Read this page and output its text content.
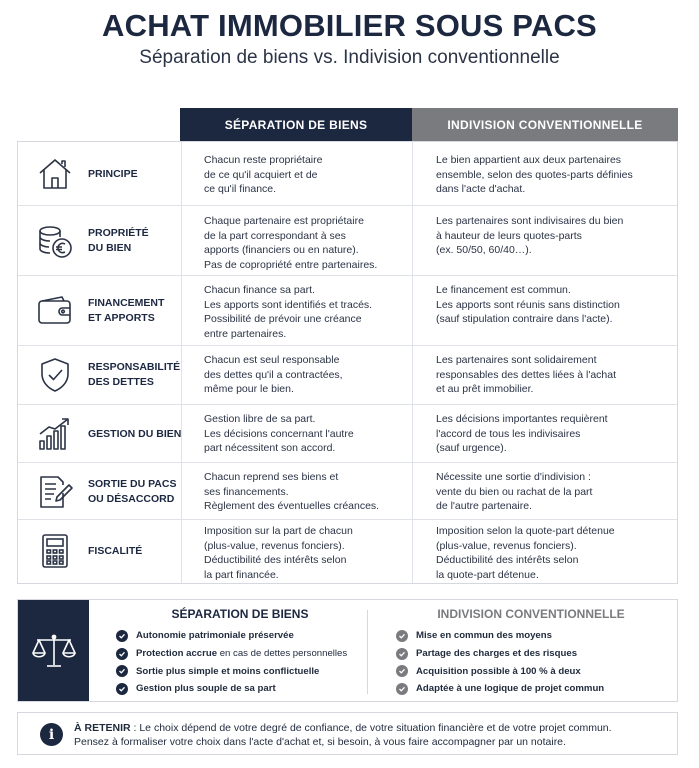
ACHAT IMMOBILIER SOUS PACS
Séparation de biens vs. Indivision conventionnelle
SÉPARATION DE BIENS	INDIVISION CONVENTIONNELLE
PRINCIPE
Chacun reste propriétaire
de ce qu'il acquiert et de
ce qu'il finance.
Le bien appartient aux deux partenaires
ensemble, selon des quotes-parts définies
dans l'acte d'achat.
PROPRIÉTÉ
DU BIEN
Chaque partenaire est propriétaire
de la part correspondant à ses
apports (financiers ou en nature).
Pas de copropriété entre partenaires.
Les partenaires sont indivisaires du bien
à hauteur de leurs quotes-parts
(ex. 50/50, 60/40…).
FINANCEMENT
ET APPORTS
Chacun finance sa part.
Les apports sont identifiés et tracés.
Possibilité de prévoir une créance
entre partenaires.
Le financement est commun.
Les apports sont réunis sans distinction
(sauf stipulation contraire dans l'acte).
RESPONSABILITÉ
DES DETTES
Chacun est seul responsable
des dettes qu'il a contractées,
même pour le bien.
Les partenaires sont solidairement
responsables des dettes liées à l'achat
et au prêt immobilier.
GESTION DU BIEN
Gestion libre de sa part.
Les décisions concernant l'autre
part nécessitent son accord.
Les décisions importantes requièrent
l'accord de tous les indivisaires
(sauf urgence).
SORTIE DU PACS
OU DÉSACCORD
Chacun reprend ses biens et
ses financements.
Règlement des éventuelles créances.
Nécessite une sortie d'indivision :
vente du bien ou rachat de la part
de l'autre partenaire.
FISCALITÉ
Imposition sur la part de chacun
(plus-value, revenus fonciers).
Déductibilité des intérêts selon
la part financée.
Imposition selon la quote-part détenue
(plus-value, revenus fonciers).
Déductibilité des intérêts selon
la quote-part détenue.
SÉPARATION DE BIENS
Autonomie patrimoniale préservée
Protection accrue en cas de dettes personnelles
Sortie plus simple et moins conflictuelle
Gestion plus souple de sa part
INDIVISION CONVENTIONNELLE
Mise en commun des moyens
Partage des charges et des risques
Acquisition possible à 100 % à deux
Adaptée à une logique de projet commun
i	À RETENIR : Le choix dépend de votre degré de confiance, de votre situation financière et de votre projet commun.
Pensez à formaliser votre choix dans l'acte d'achat et, si besoin, à vous faire accompagner par un notaire.
